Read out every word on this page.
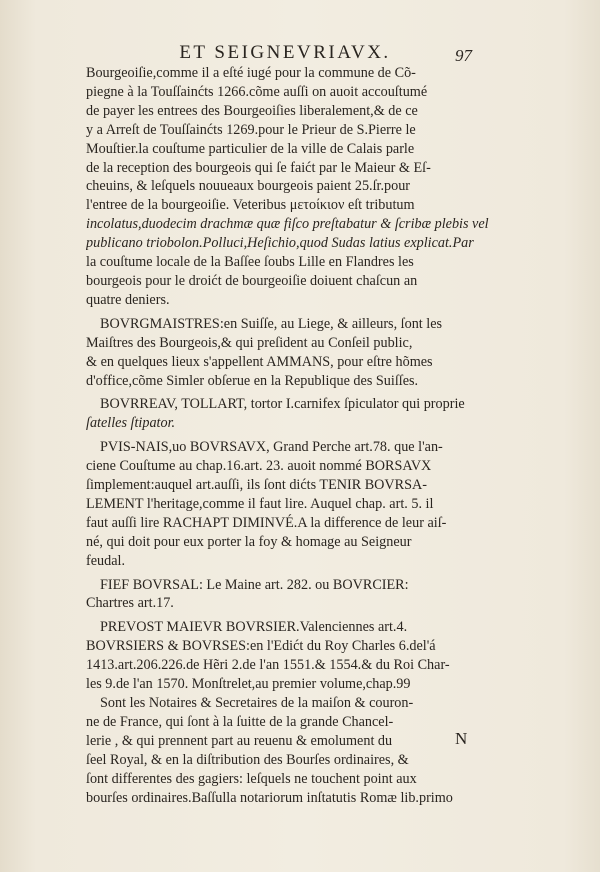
ET SEIGNEVRIAVX.	97
Bourgeoiſie,comme il a eſté iugé pour la commune de Cõ-
piegne à la Touſſainćts 1266.cõme auſſi on auoit accouſtumé
de payer les entrees des Bourgeoiſies liberalement,& de ce
y a Arreſt de Touſſainćts 1269.pour le Prieur de S.Pierre le
Mouſtier.la couſtume particulier de la ville de Calais parle
de la reception des bourgeois qui ſe faićt par le Maieur & Eſ-
cheuins, & leſquels nouueaux bourgeois paient 25.ſr.pour
l'entree de la bourgeoiſie. Veteribus μετοίκιον eſt tributum
incolatus,duodecim drachmæ quæ fiſco preſtabatur & ſcribæ plebis vel
publicano triobolon.Polluci,Heſichio,quod Sudas latius explicat.Par
la couſtume locale de la Baſſee ſoubs Lille en Flandres les
bourgeois pour le droićt de bourgeoiſie doiuent chaſcun an
quatre deniers.
BOVRGMAISTRES:en Suiſſe, au Liege, & ailleurs, ſont les
Maiſtres des Bourgeois,& qui preſident au Conſeil public,
& en quelques lieux s'appellent AMMANS, pour eſtre hõmes
d'office,cõme Simler obſerue en la Republique des Suiſſes.
BOVRREAV, TOLLART, tortor I.carnifex ſpiculator qui proprie
ſatelles ſtipator.
PVIS-NAIS,uo BOVRSAVX, Grand Perche art.78. que l'an-
ciene Couſtume au chap.16.art. 23. auoit nommé BORSAVX
ſimplement:auquel art.auſſi, ils ſont dićts TENIR BOVRSA-
LEMENT l'heritage,comme il faut lire. Auquel chap. art. 5. il
faut auſſi lire RACHAPT DIMINVÉ.A la difference de leur aiſ-
né, qui doit pour eux porter la foy & homage au Seigneur
feudal.
FIEF BOVRSAL: Le Maine art. 282. ou BOVRCIER:
Chartres art.17.
PREVOST MAIEVR BOVRSIER.Valenciennes art.4.
BOVRSIERS & BOVRSES:en l'Edićt du Roy Charles 6.del'á
1413.art.206.226.de Hẽri 2.de l'an 1551.& 1554.& du Roi Char-
les 9.de l'an 1570. Monſtrelet,au premier volume,chap.99
Sont les Notaires & Secretaires de la maiſon & couron-
ne de France, qui ſont à la ſuitte de la grande Chancel-
lerie , & qui prennent part au reuenu & emolument du
ſeel Royal, & en la diſtribution des Bourſes ordinaires, &
ſont differentes des gagiers: leſquels ne touchent point aux
bourſes ordinaires.Baſſulla notariorum inſtatutis Romæ lib.primo
N
